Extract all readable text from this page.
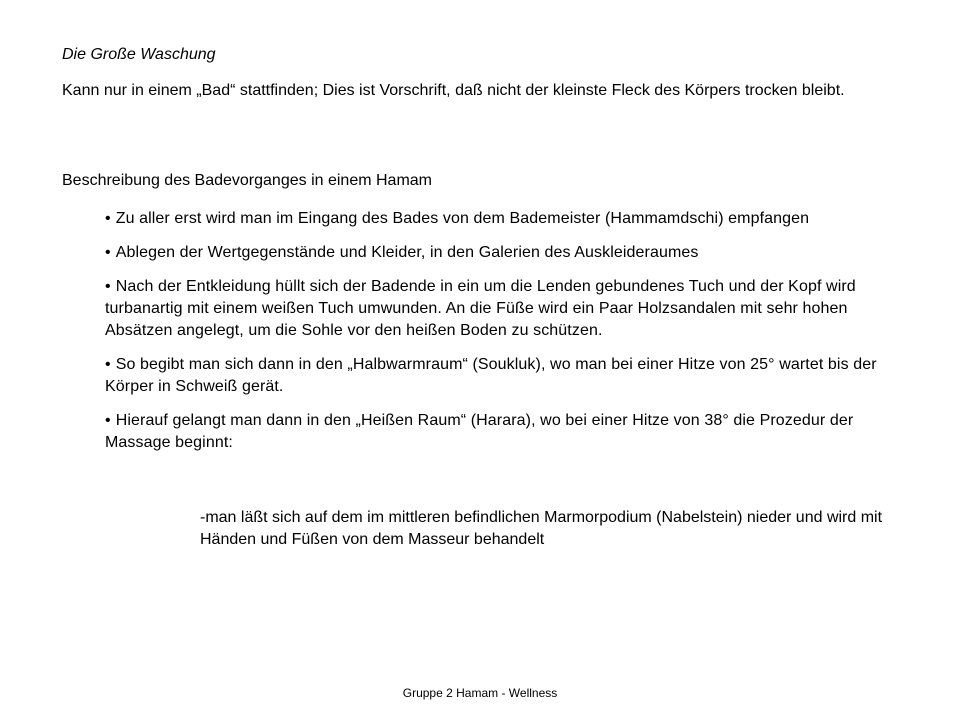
Die Große Waschung

Kann nur in einem „Bad“ stattfinden; Dies ist Vorschrift, daß nicht der kleinste Fleck des Körpers trocken bleibt.

Beschreibung des Badevorganges in einem Hamam

• Zu aller erst wird man im Eingang des Bades von dem Bademeister (Hammamdschi) empfangen
• Ablegen der Wertgegenstände und Kleider, in den Galerien des Auskleideraumes
• Nach der Entkleidung hüllt sich der Badende in ein um die Lenden gebundenes Tuch und der Kopf wird turbanartig mit einem weißen Tuch umwunden. An die Füße wird ein Paar Holzsandalen mit sehr hohen Absätzen angelegt, um die Sohle vor den heißen Boden zu schützen.
• So begibt man sich dann in den „Halbwarmraum“ (Soukluk), wo man bei einer Hitze von 25° wartet bis der Körper in Schweiß gerät.
• Hierauf gelangt man dann in den „Heißen Raum“ (Harara), wo bei einer Hitze von 38° die Prozedur der Massage beginnt:

-man läßt sich auf dem im mittleren befindlichen Marmorpodium (Nabelstein) nieder und wird mit Händen und Füßen von dem Masseur behandelt

Gruppe 2 Hamam - Wellness
